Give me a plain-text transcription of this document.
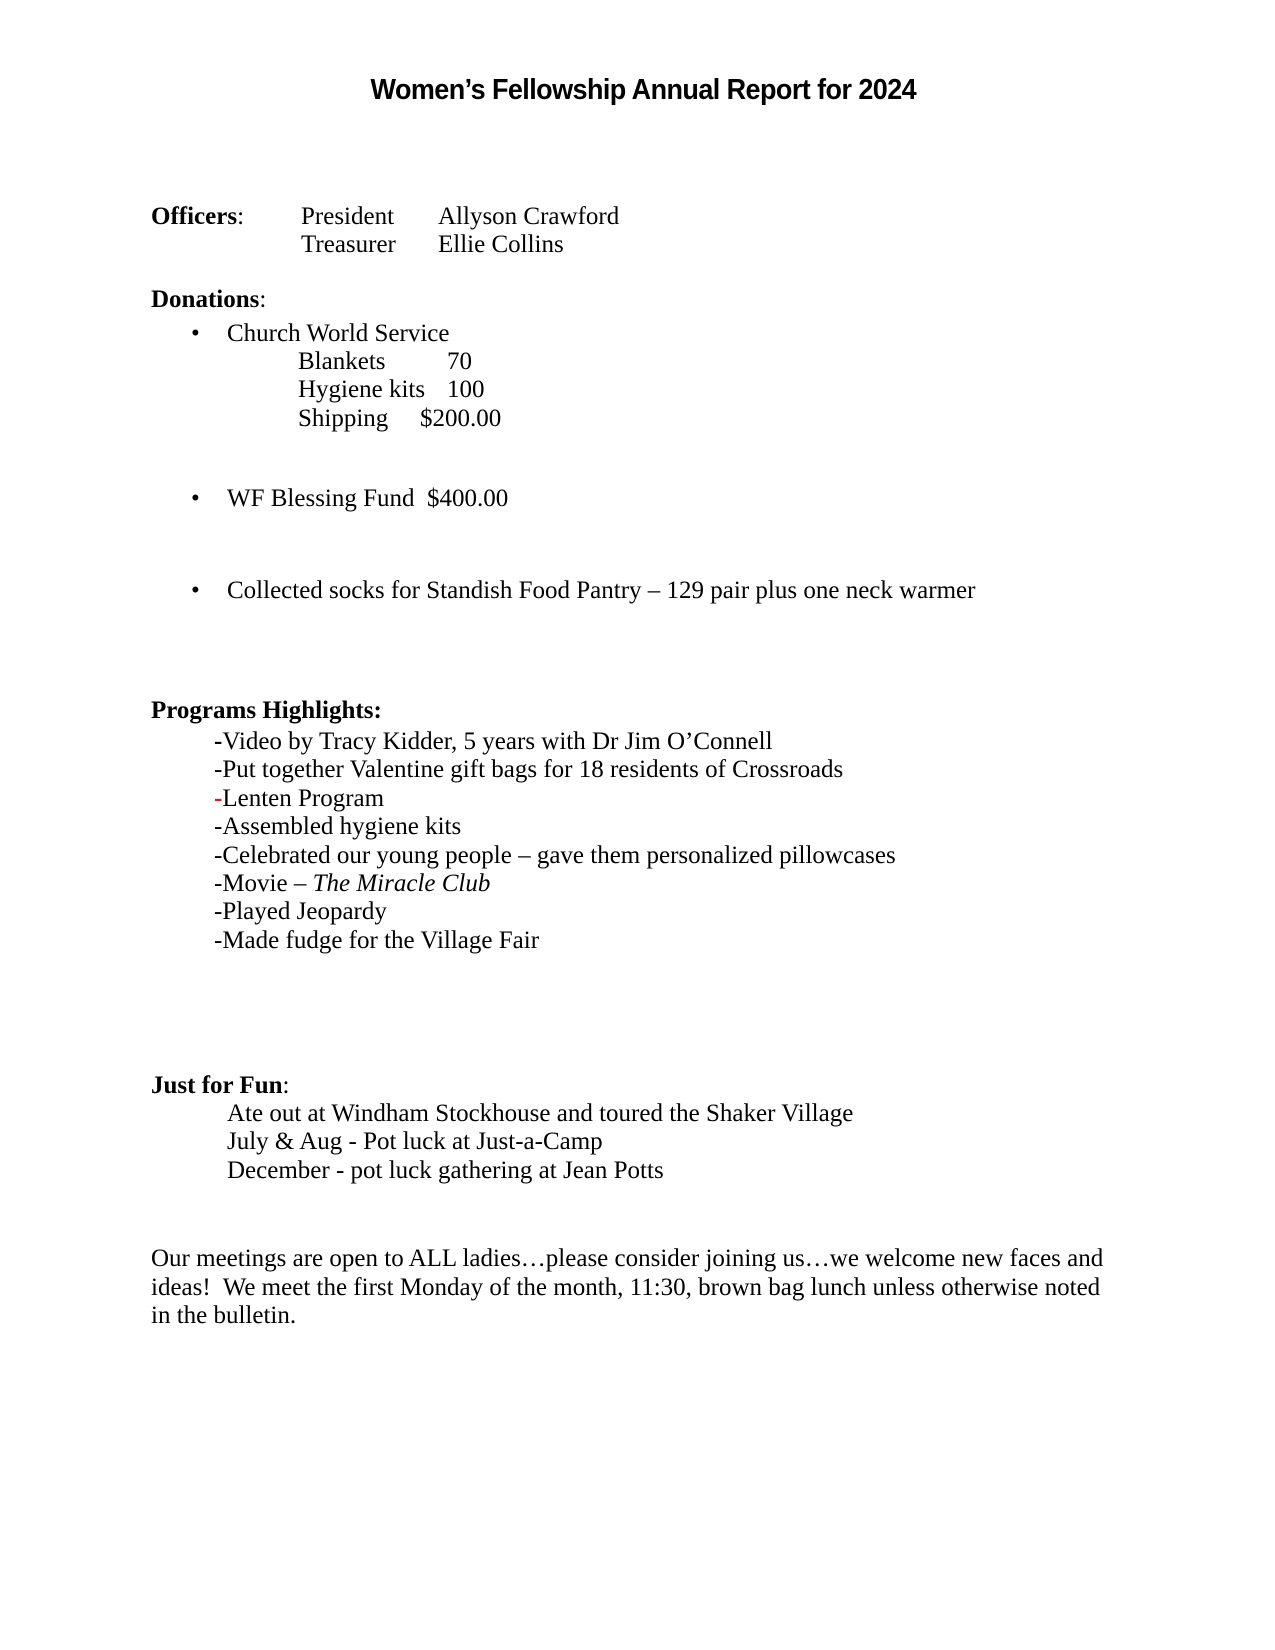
Women’s Fellowship Annual Report for 2024
Officers:	President	Allyson Crawford
Treasurer	Ellie Collins
Donations:
• Church World Service
Blankets	70
Hygiene kits 100
Shipping	$200.00
• WF Blessing Fund $400.00
• Collected socks for Standish Food Pantry – 129 pair plus one neck warmer
Programs Highlights:
-Video by Tracy Kidder, 5 years with Dr Jim O’Connell
-Put together Valentine gift bags for 18 residents of Crossroads
-Lenten Program
-Assembled hygiene kits
-Celebrated our young people – gave them personalized pillowcases
-Movie – The Miracle Club
-Played Jeopardy
-Made fudge for the Village Fair
Just for Fun:
Ate out at Windham Stockhouse and toured the Shaker Village
July & Aug - Pot luck at Just-a-Camp
December - pot luck gathering at Jean Potts
Our meetings are open to ALL ladies…please consider joining us…we welcome new faces and
ideas!  We meet the first Monday of the month, 11:30, brown bag lunch unless otherwise noted
in the bulletin.
